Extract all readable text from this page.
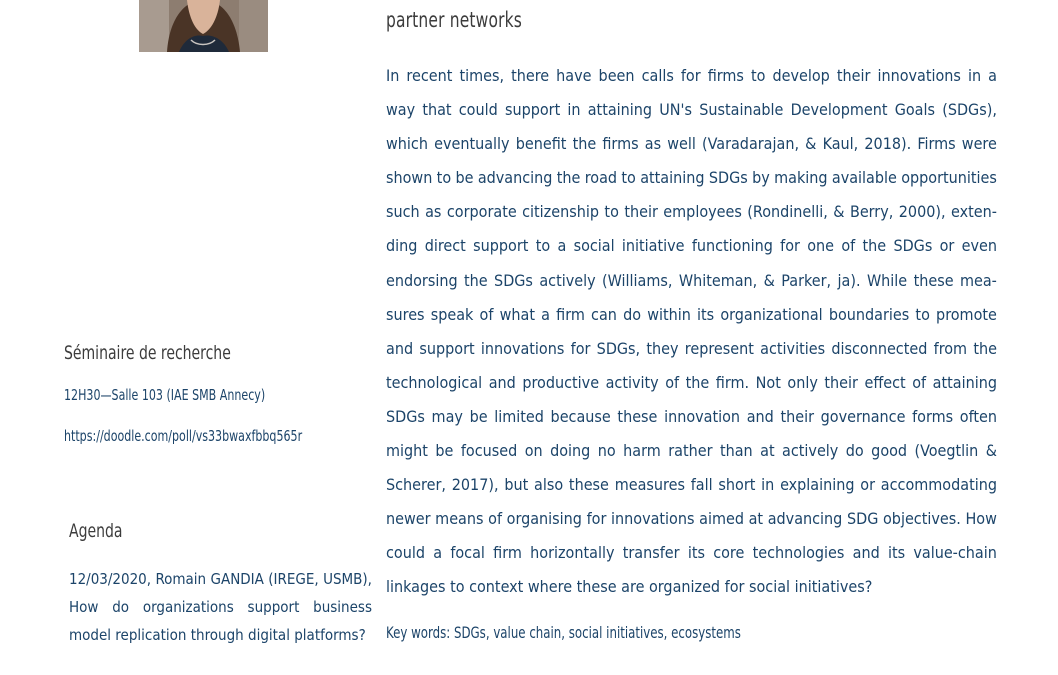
partner networks
In recent times, there have been calls for firms to develop their innovations in a
way that could support in attaining UN's Sustainable Development Goals (SDGs),
which eventually benefit the firms as well (Varadarajan, & Kaul, 2018). Firms were
shown to be advancing the road to attaining SDGs by making available opportunities
such as corporate citizenship to their employees (Rondinelli, & Berry, 2000), exten-
ding direct support to a social initiative functioning for one of the SDGs or even
endorsing the SDGs actively (Williams, Whiteman, & Parker, ja). While these mea-
sures speak of what a firm can do within its organizational boundaries to promote
and support innovations for SDGs, they represent activities disconnected from the
technological and productive activity of the firm. Not only their effect of attaining
SDGs may be limited because these innovation and their governance forms often
might be focused on doing no harm rather than at actively do good (Voegtlin &
Scherer, 2017), but also these measures fall short in explaining or accommodating
newer means of organising for innovations aimed at advancing SDG objectives. How
could a focal firm horizontally transfer its core technologies and its value-chain
linkages to context where these are organized for social initiatives?
Key words: SDGs, value chain, social initiatives, ecosystems
Séminaire de recherche
12H30—Salle 103 (IAE SMB Annecy)
https://doodle.com/poll/vs33bwaxfbbq565r
Agenda
12/03/2020, Romain GANDIA (IREGE, USMB),
How do organizations support business
model replication through digital platforms?
